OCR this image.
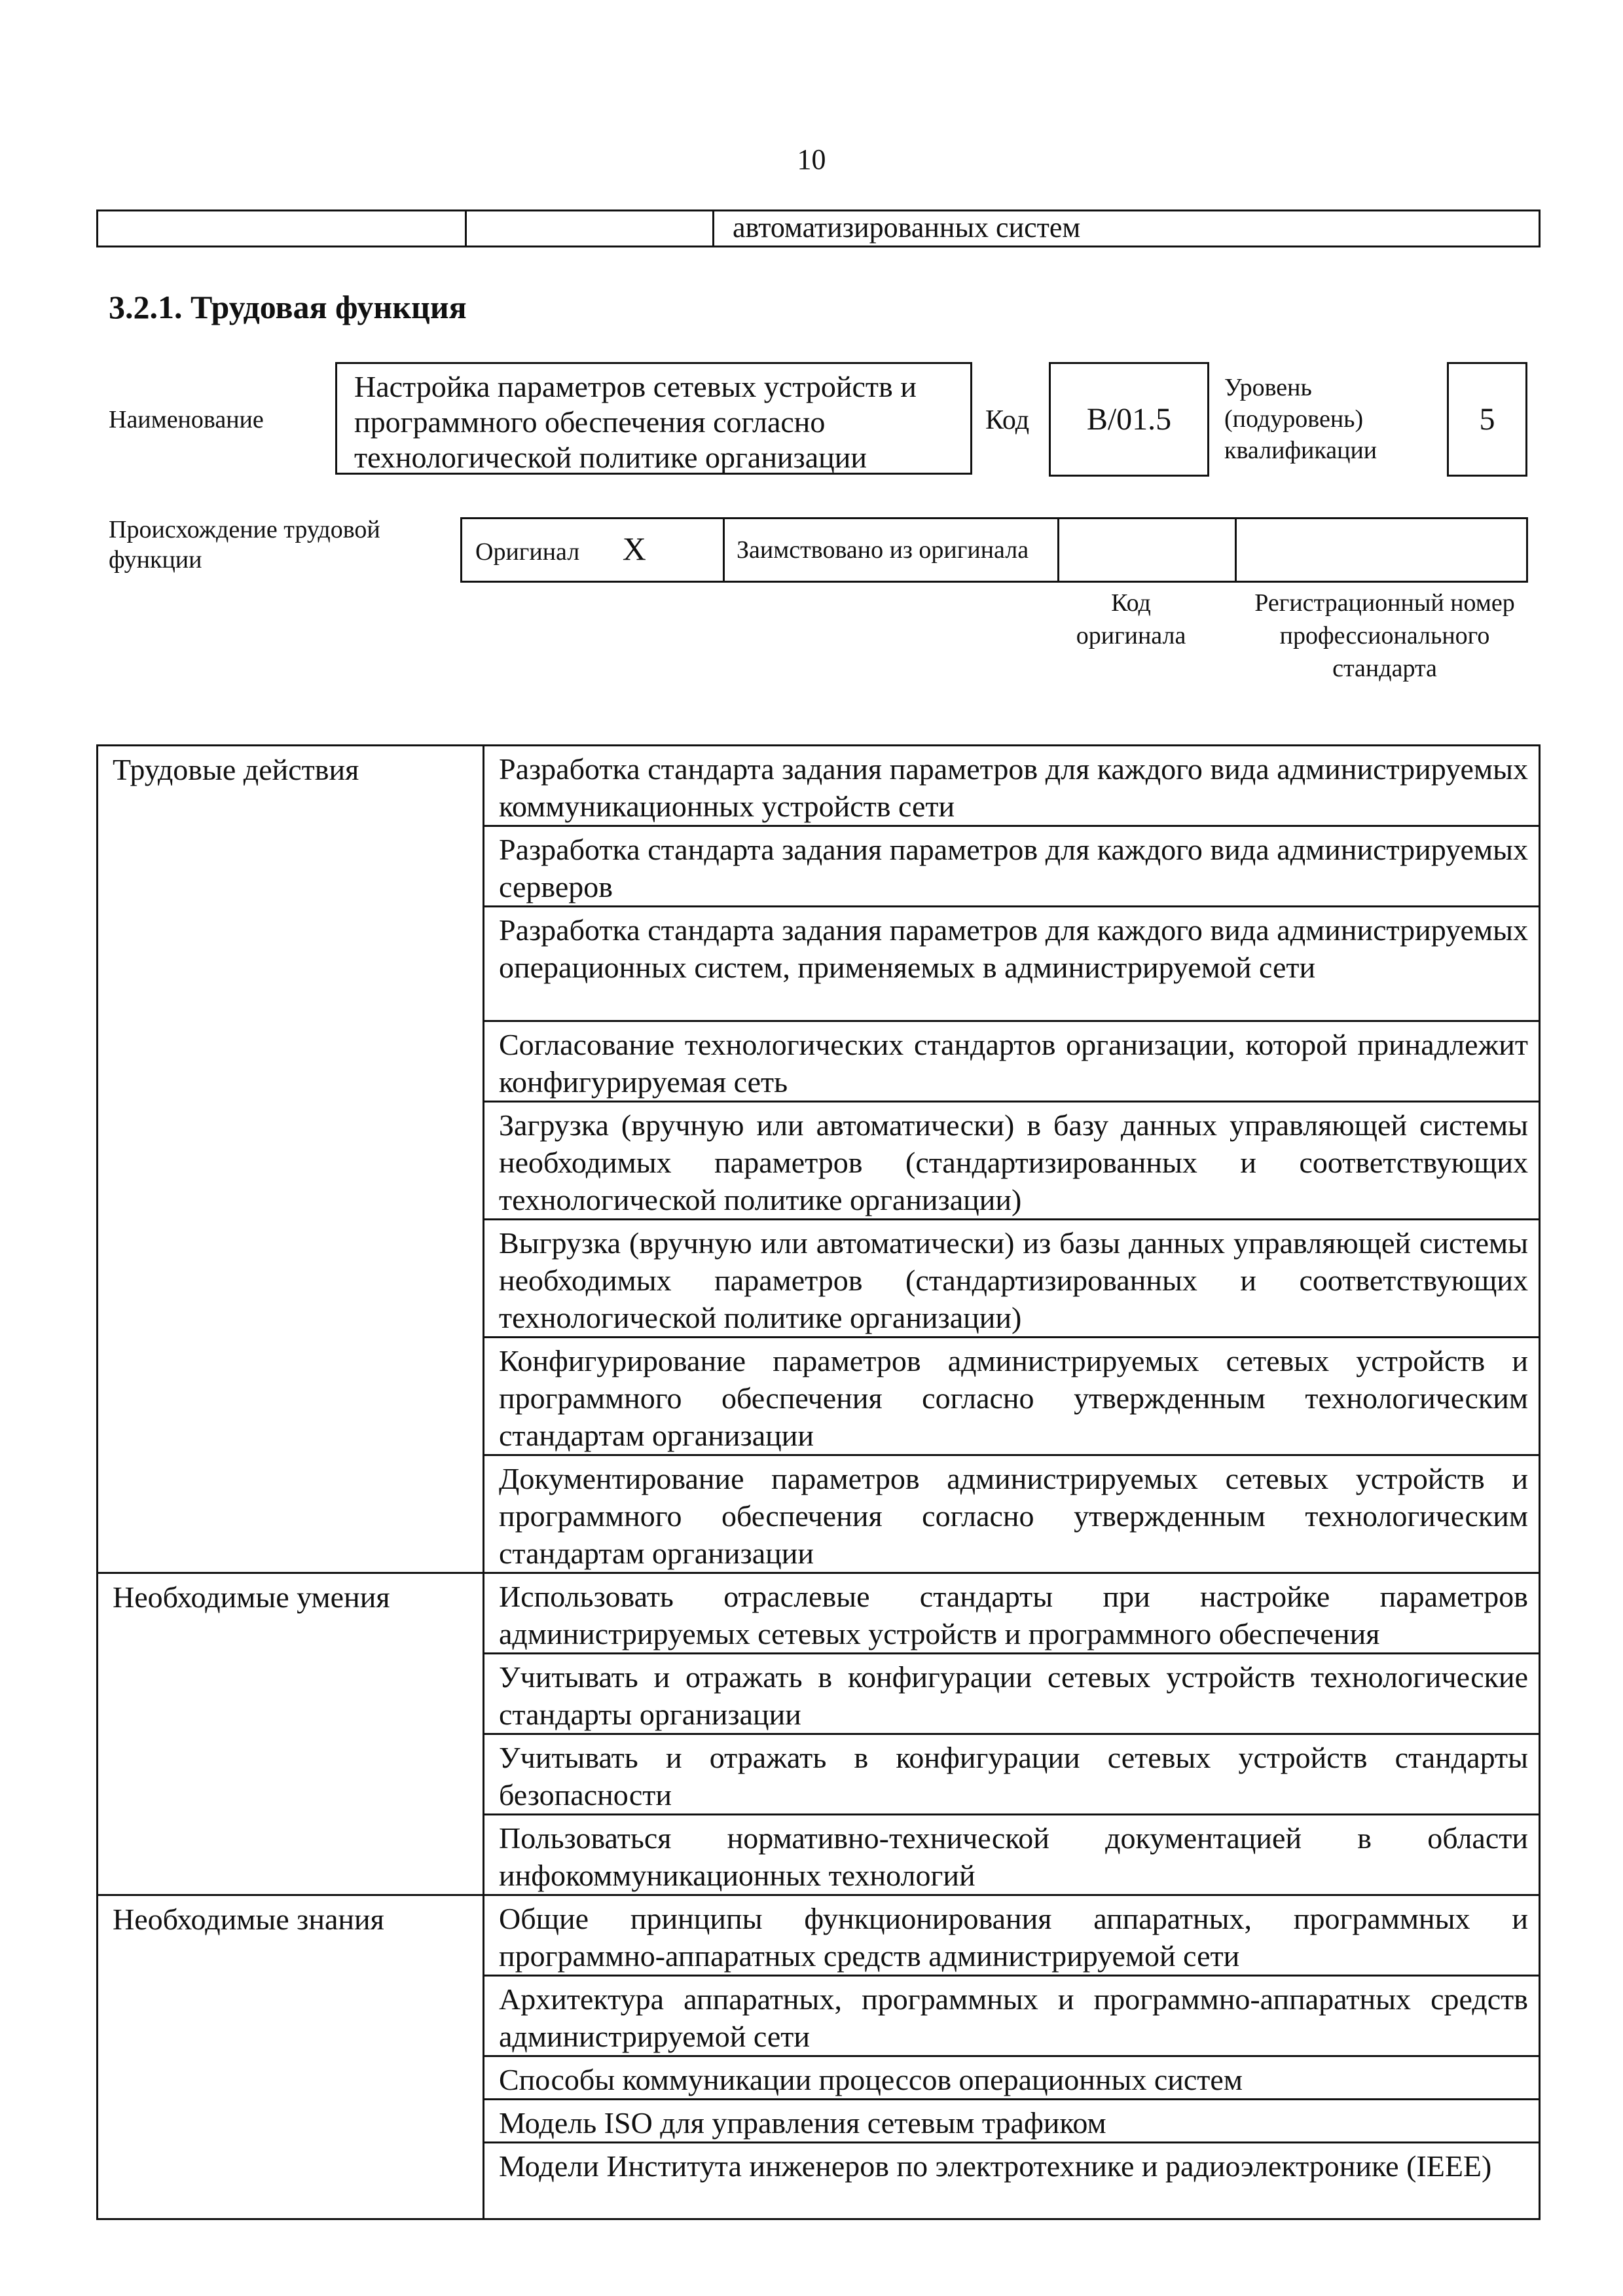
10
		автоматизированных систем
3.2.1. Трудовая функция
Наименование
Настройка параметров сетевых устройств и программного обеспечения согласно технологической политике организации
Код	B/01.5
Уровень (подуровень) квалификации
5
Происхождение трудовой функции	Оригинал X	Заимствовано из оригинала		
Код оригинала
Регистрационный номер профессионального стандарта
Трудовые действия	Разработка стандарта задания параметров для каждого вида администрируемых коммуникационных устройств сети
	Разработка стандарта задания параметров для каждого вида администрируемых серверов
	Разработка стандарта задания параметров для каждого вида администрируемых операционных систем, применяемых в администрируемой сети
	Согласование технологических стандартов организации, которой принадлежит конфигурируемая сеть
	Загрузка (вручную или автоматически) в базу данных управляющей системы необходимых параметров (стандартизированных и соответствующих технологической политике организации)
	Выгрузка (вручную или автоматически) из базы данных управляющей системы необходимых параметров (стандартизированных и соответствующих технологической политике организации)
	Конфигурирование параметров администрируемых сетевых устройств и программного обеспечения согласно утвержденным технологическим стандартам организации
	Документирование параметров администрируемых сетевых устройств и программного обеспечения согласно утвержденным технологическим стандартам организации
Необходимые умения	Использовать отраслевые стандарты при настройке параметров администрируемых сетевых устройств и программного обеспечения
	Учитывать и отражать в конфигурации сетевых устройств технологические стандарты организации
	Учитывать и отражать в конфигурации сетевых устройств стандарты безопасности
	Пользоваться нормативно-технической документацией в области инфокоммуникационных технологий
Необходимые знания	Общие принципы функционирования аппаратных, программных и программно-аппаратных средств администрируемой сети
	Архитектура аппаратных, программных и программно-аппаратных средств администрируемой сети
	Способы коммуникации процессов операционных систем
	Модель ISO для управления сетевым трафиком
	Модели Института инженеров по электротехнике и радиоэлектронике (IEEE)
